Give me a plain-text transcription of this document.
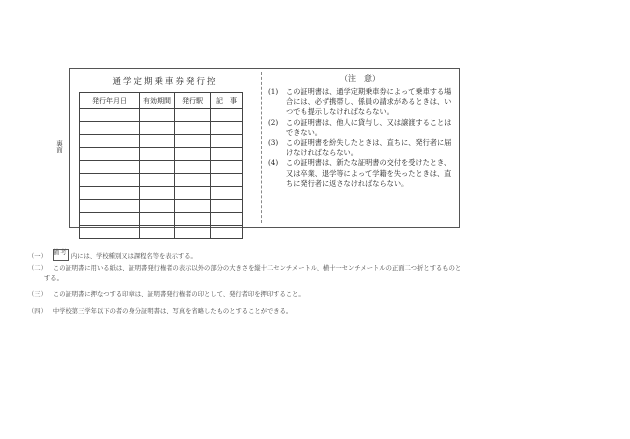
通学定期乗車券発行控
発行年月日	有効期間	発行駅	記　事

（注　意）
(1)	この証明書は、通学定期乗車券によって乗車する場合には、必ず携帯し、係員の請求があるときは、いつでも提示しなければならない。
(2)	この証明書は、他人に貸与し、又は譲渡することはできない。
(3)	この証明書を紛失したときは、直ちに、発行者に届けなければならない。
(4)	この証明書は、新たな証明書の交付を受けたとき、又は卒業、退学等によって学籍を失ったときは、直ちに発行者に返さなければならない。
裏面
備考
（一）	内には、学校種別又は課程名等を表示する。
（二） この証明書に用いる紙は、証明書発行権者の表示以外の部分の大きさを縦十二センチメートル、横十一センチメートルの正面二つ折とするものと
する。
（三） この証明書に押なつする印章は、証明書発行権者の印として、発行者印を押印すること。
（四） 中学校第三学年以下の者の身分証明書は、写真を省略したものとすることができる。
